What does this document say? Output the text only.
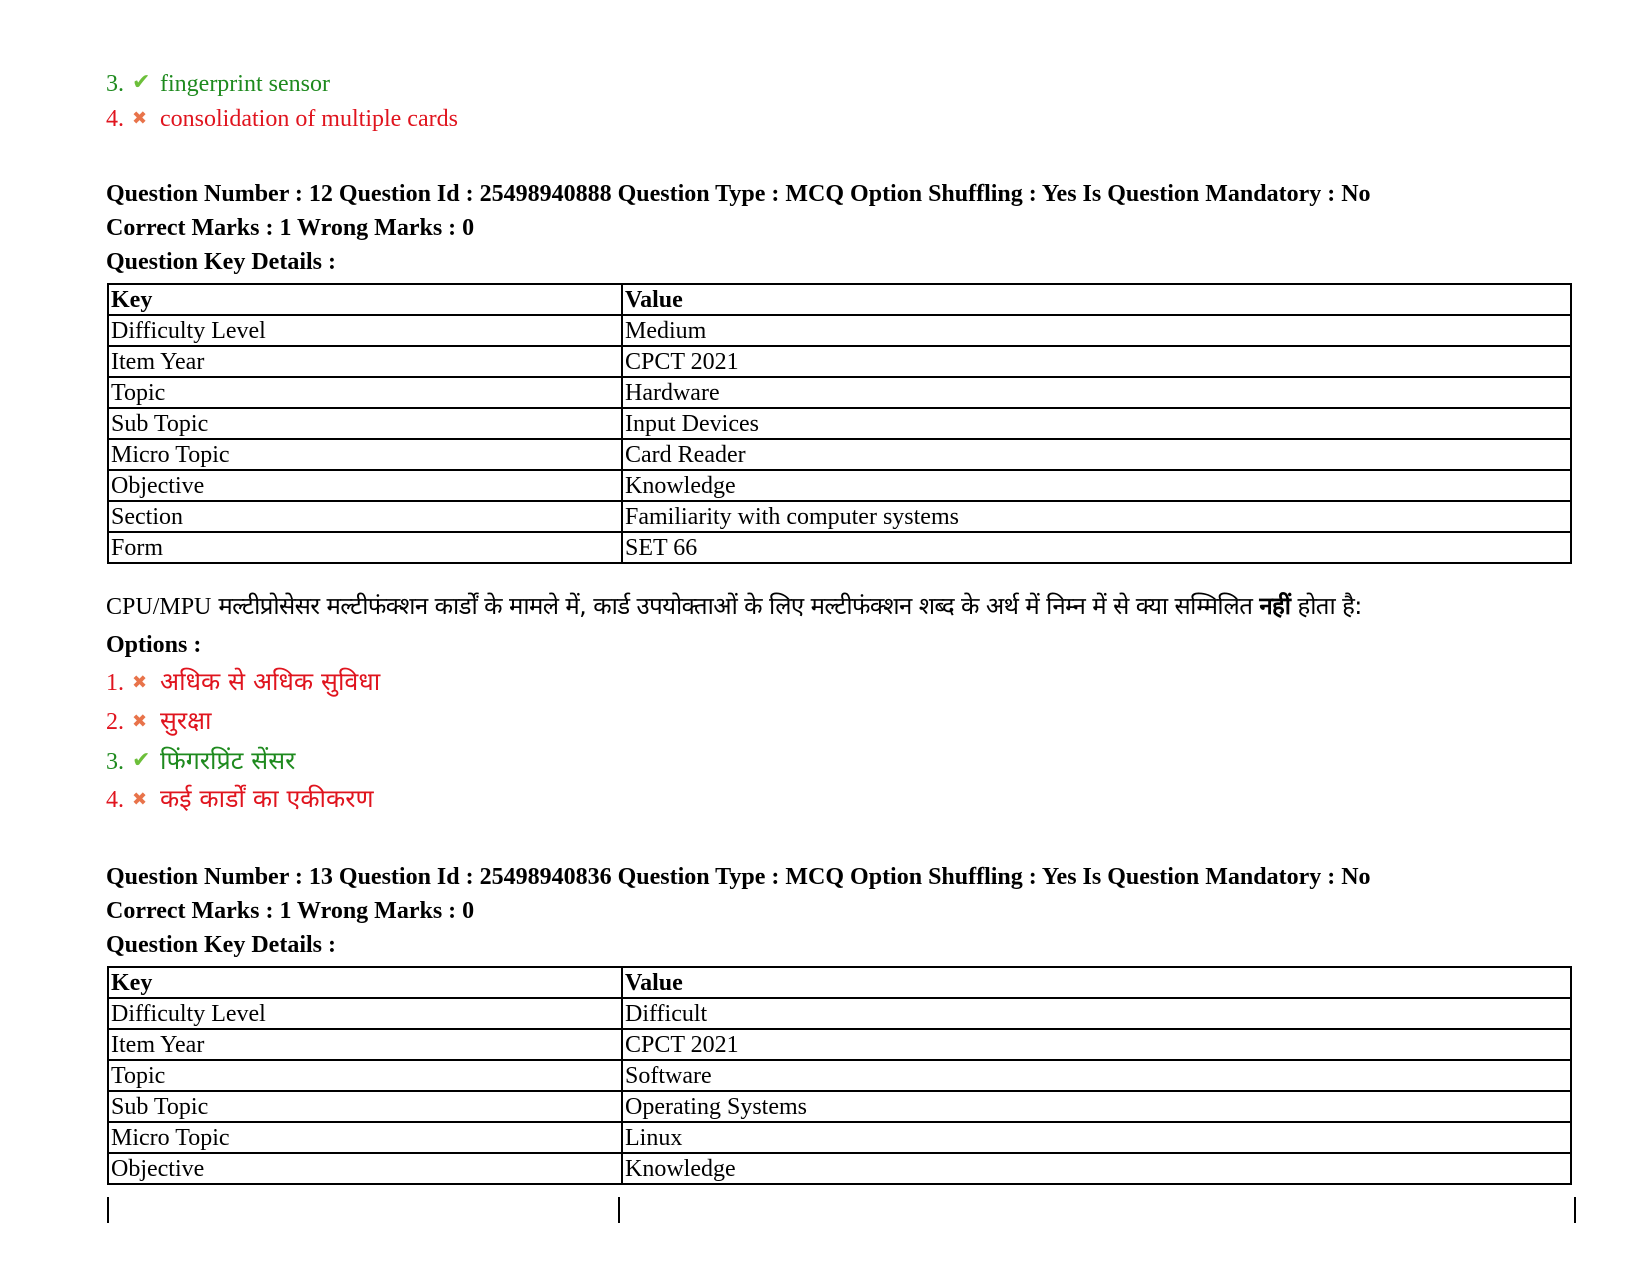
3. ✔ fingerprint sensor
4. ✖ consolidation of multiple cards
Question Number : 12 Question Id : 25498940888 Question Type : MCQ Option Shuffling : Yes Is Question Mandatory : No
Correct Marks : 1 Wrong Marks : 0
Question Key Details :
Key	Value
Difficulty Level	Medium
Item Year	CPCT 2021
Topic	Hardware
Sub Topic	Input Devices
Micro Topic	Card Reader
Objective	Knowledge
Section	Familiarity with computer systems
Form	SET 66
CPU/MPU मल्टीप्रोसेसर मल्टीफंक्शन कार्डों के मामले में, कार्ड उपयोक्ताओं के लिए मल्टीफंक्शन शब्द के अर्थ में निम्न में से क्या सम्मिलित नहीं होता है:
Options :
1. ✖ अधिक से अधिक सुविधा
2. ✖ सुरक्षा
3. ✔ फिंगरप्रिंट सेंसर
4. ✖ कई कार्डों का एकीकरण
Question Number : 13 Question Id : 25498940836 Question Type : MCQ Option Shuffling : Yes Is Question Mandatory : No
Correct Marks : 1 Wrong Marks : 0
Question Key Details :
Key	Value
Difficulty Level	Difficult
Item Year	CPCT 2021
Topic	Software
Sub Topic	Operating Systems
Micro Topic	Linux
Objective	Knowledge
